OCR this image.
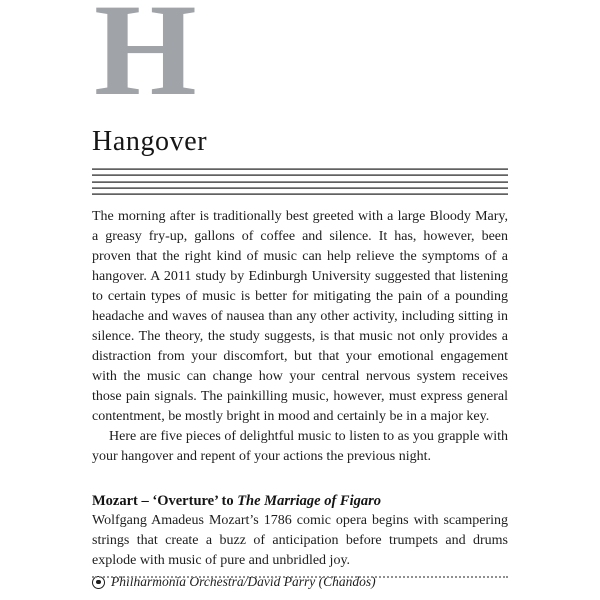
H
Hangover

The morning after is traditionally best greeted with a large Bloody Mary, a greasy fry-up, gallons of coffee and silence. It has, however, been proven that the right kind of music can help relieve the symptoms of a hangover. A 2011 study by Edinburgh University suggested that listening to certain types of music is better for mitigating the pain of a pounding headache and waves of nausea than any other activity, including sitting in silence. The theory, the study suggests, is that music not only provides a distraction from your discomfort, but that your emotional engagement with the music can change how your central nervous system receives those pain signals. The painkilling music, however, must express general contentment, be mostly bright in mood and certainly be in a major key.

Here are five pieces of delightful music to listen to as you grapple with your hangover and repent of your actions the previous night.

Mozart – ‘Overture’ to The Marriage of Figaro

Wolfgang Amadeus Mozart’s 1786 comic opera begins with scampering strings that create a buzz of anticipation before trumpets and drums explode with music of pure and unbridled joy.

Philharmonia Orchestra/David Parry (Chandos)
